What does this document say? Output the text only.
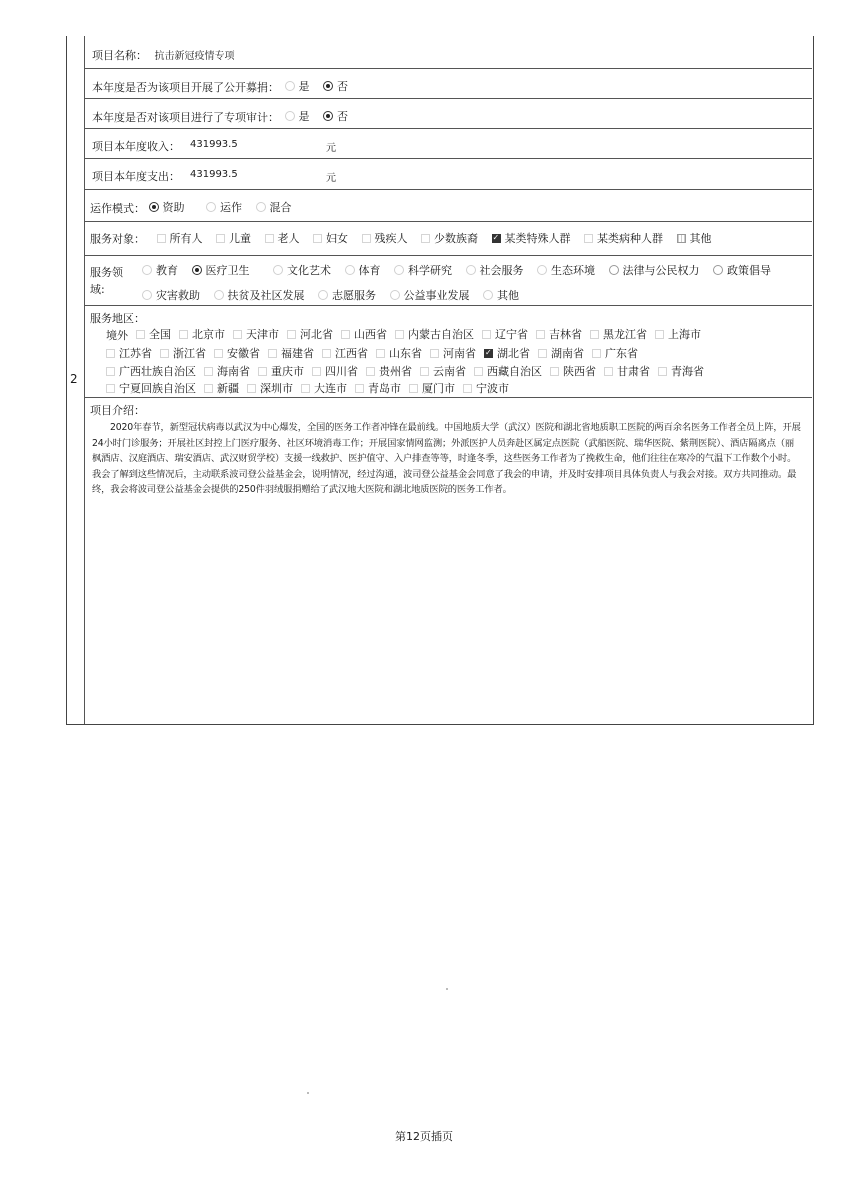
2
项目名称： 抗击新冠疫情专项
本年度是否为该项目开展了公开募捐： 是
	否
本年度是否对该项目进行了专项审计： 是
	否
项目本年度收入： 431993.5	元
项目本年度支出： 431993.5	元
运作模式： 资助
	运作
	混合
服务对象： 所有人
儿童
老人
妇女
残疾人
少数族裔
✓ 某类特殊人群
某类病种人群
其他
服务领
域:
教育
	医疗卫生
	文化艺术
	体育
	科学研究
	社会服务
	生态环境
	法律与公民权力
	政策倡导
灾害救助
	扶贫及社区发展
	志愿服务
	公益事业发展
	其他
服务地区：
境外 全国 北京市 天津市 河北省 山西省 内蒙古自治区 辽宁省 吉林省 黑龙江省 上海市
江苏省 浙江省 安徽省 福建省 江西省 山东省 河南省 ✓ 湖北省 湖南省 广东省
广西壮族自治区 海南省 重庆市 四川省 贵州省 云南省 西藏自治区 陕西省 甘肃省 青海省
宁夏回族自治区 新疆 深圳市 大连市 青岛市 厦门市 宁波市
项目介绍：
2020年春节，新型冠状病毒以武汉为中心爆发，全国的医务工作者冲锋在最前线。中国地质大学（武汉）医院和湖北省地质职工医院的两百余名医务工作者全员上阵，开展24小时门诊服务；开展社区封控上门医疗服务、社区环境消毒工作；开展国家情网监测；外派医护人员奔赴区属定点医院（武船医院、瑞华医院、紫荆医院）、酒店隔离点（丽枫酒店、汉庭酒店、瑞安酒店、武汉财贸学校）支援一线救护、医护值守、入户排查等等，时逢冬季，这些医务工作者为了挽救生命，他们往往在寒冷的气温下工作数个小时。我会了解到这些情况后，主动联系波司登公益基金会，说明情况，经过沟通，波司登公益基金会同意了我会的申请，并及时安排项目具体负责人与我会对接。双方共同推动。最终，我会将波司登公益基金会提供的250件羽绒服捐赠给了武汉地大医院和湖北地质医院的医务工作者。
第12页插页
